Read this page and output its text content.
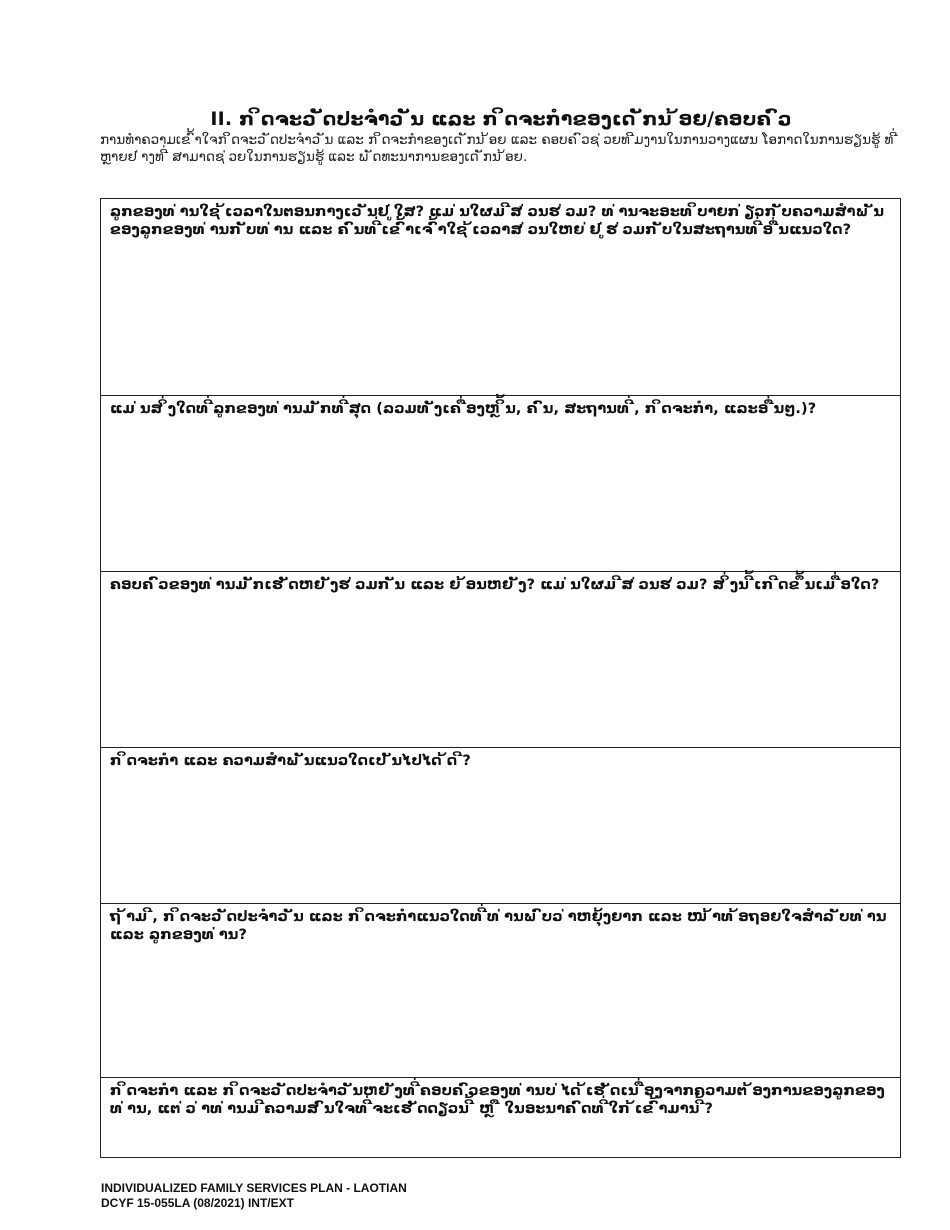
II. ກ ິດຈະວ ັດປະຈຳວ ັນ ແລະ ກ ິດຈະກຳຂອງເດ ັກນ ້ອຍ/ຄອບຄ ົວ
ການທຳຄວາມເຂ ົ້າໃຈກ ິດຈະວ ັດປະຈຳວ ັນ ແລະ ກ ິດຈະກຳຂອງເດ ັກນ ້ອຍ ແລະ ຄອບຄ ົວຊ ່ວຍທ ີມງານໃນການວາງແຜນ ໂອກາດໃນການຮຽນຮູ້ ທ ີ່ຫຼາຍຢ ່າງທ ີ່ ສາມາດຊ ່ວຍໃນການຮຽນຮູ້ ແລະ ພ ັດທະນາການຂອງເດ ັກນ ້ອຍ.
ລູກຂອງທ ່ານໃຊ ້ເວລາໃນຕອນກາງເວ ັນຢ ູ່ໃສ? ແມ ່ນໃຜມ ີສ ່ວນຮ ່ວມ? ທ ່ານຈະອະທ ິບາຍກ ່ຽວກ ັບຄວາມສຳພ ັນຂອງລູກຂອງທ ່ານກ ັບທ ່ານ ແລະ ຄ ົນທ ີ່ເຂ ົ້າເຈ ົ້າໃຊ ້ເວລາສ ່ວນໃຫຍ ່ຢ ູ່ຮ ່ວມກ ັບໃນສະຖານທ ີ່ອ ື່ນແນວໃດ?
ແມ ່ນສ ິ່ງໃດທ ີ່ລູກຂອງທ ່ານມ ັກທ ີ່ສຸດ (ລວມທ ັງເຄ ື່ອງຫຼ ິ້ນ, ຄ ົນ, ສະຖານທ ີ່, ກ ິດຈະກຳ, ແລະອ ື່ນໆ.)?
ຄອບຄ ົວຂອງທ ່ານມ ັກເຮ ັດຫຍ ັງຮ ່ວມກ ັນ ແລະ ຍ ້ອນຫຍ ັງ? ແມ ່ນໃຜມ ີສ ່ວນຮ ່ວມ? ສ ິ່ງນ ີ້ເກ ີດຂ ຶ້ນເມ ື່ອໃດ?
ກ ິດຈະກຳ ແລະ ຄວາມສຳພ ັນແນວໃດເປ ັນໄປໄດ ້ດ ີ?
ຖ ້າມ ີ, ກ ິດຈະວ ັດປະຈຳວ ັນ ແລະ ກ ິດຈະກຳແນວໃດທ ີ່ທ ່ານພ ົບວ ່າຫຍຸ້ງຍາກ ແລະ ໜ ້າທ ້ອຖອຍໃຈສຳລ ັບທ ່ານ ແລະ ລູກຂອງທ ່ານ?
ກ ິດຈະກຳ ແລະ ກ ິດຈະວ ັດປະຈຳວ ັນຫຍ ັງທ ີ່ຄອບຄ ົວຂອງທ ່ານບ ່ໄດ ້ເຮ ັດເນ ື່ອງຈາກຄວາມຕ ້ອງການຂອງລູກຂອງທ ່ານ, ແຕ ່ວ ່າທ ່ານມ ີຄວາມສ ົນໃຈທ ີ່ຈະເຮ ັດດຽວນ ີ້ ຫຼ ື ໃນອະນາຄ ົດທ ີ່ໃກ ້ເຂ ົ້າມານ ີ້?
INDIVIDUALIZED FAMILY SERVICES PLAN - LAOTIAN
DCYF 15-055LA (08/2021) INT/EXT
